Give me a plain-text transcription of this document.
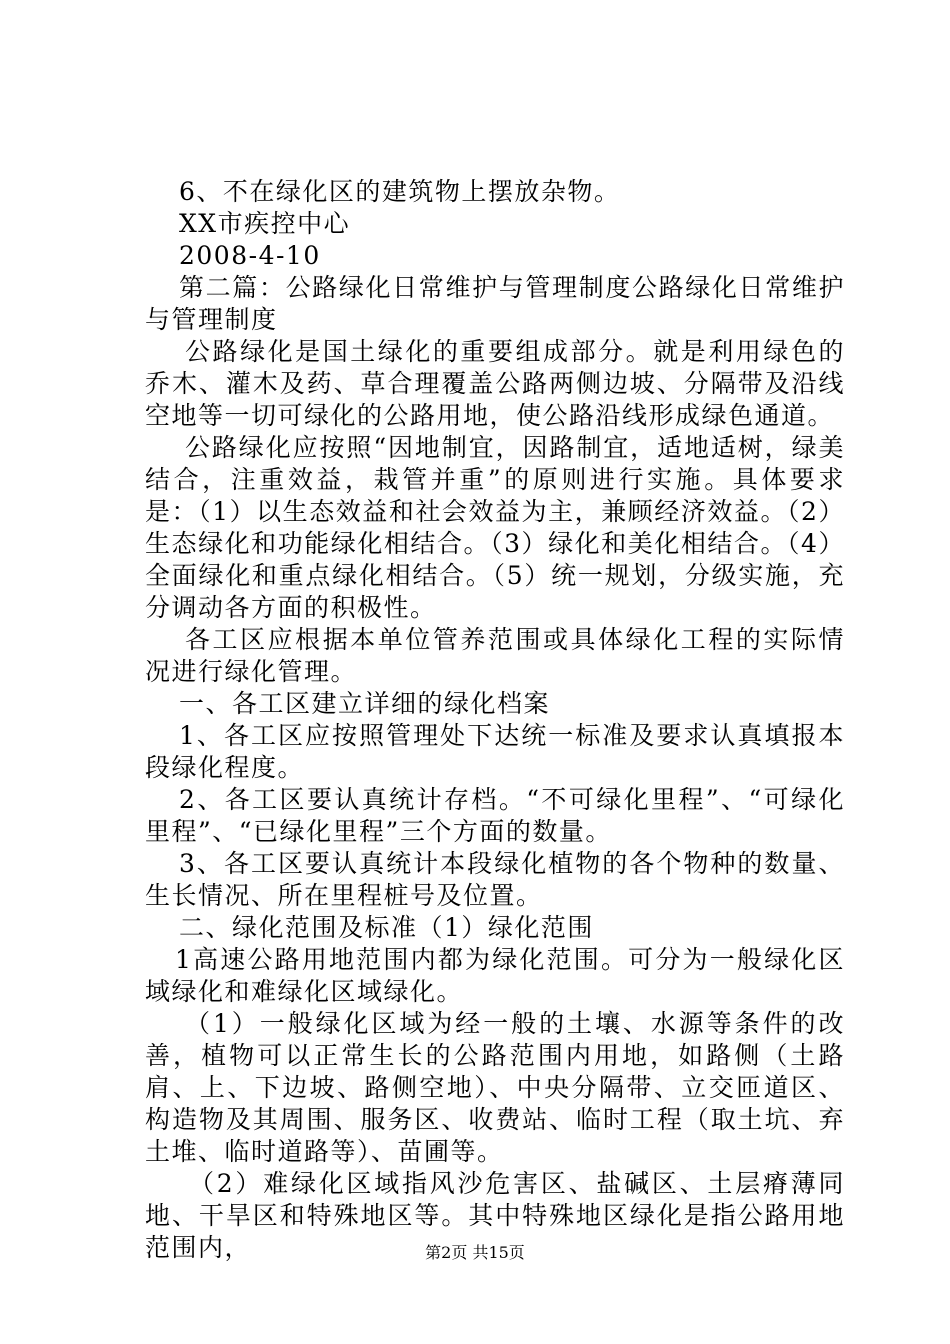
6、不在绿化区的建筑物上摆放杂物。

XX市疾控中心

2008-4-10

第二篇：公路绿化日常维护与管理制度公路绿化日常维护与管理制度

公路绿化是国土绿化的重要组成部分。就是利用绿色的乔木、灌木及药、草合理覆盖公路两侧边坡、分隔带及沿线空地等一切可绿化的公路用地，使公路沿线形成绿色通道。

公路绿化应按照“因地制宜，因路制宜，适地适树，绿美结合，注重效益，栽管并重”的原则进行实施。具体要求是：（1）以生态效益和社会效益为主，兼顾经济效益。（2）生态绿化和功能绿化相结合。（3）绿化和美化相结合。（4）全面绿化和重点绿化相结合。（5）统一规划，分级实施，充分调动各方面的积极性。

各工区应根据本单位管养范围或具体绿化工程的实际情况进行绿化管理。

一、各工区建立详细的绿化档案

1、各工区应按照管理处下达统一标准及要求认真填报本段绿化程度。

2、各工区要认真统计存档。“不可绿化里程”、“可绿化里程”、“已绿化里程”三个方面的数量。

3、各工区要认真统计本段绿化植物的各个物种的数量、生长情况、所在里程桩号及位置。

二、绿化范围及标准（1）绿化范围

1高速公路用地范围内都为绿化范围。可分为一般绿化区域绿化和难绿化区域绿化。

（1）一般绿化区域为经一般的土壤、水源等条件的改善，植物可以正常生长的公路范围内用地，如路侧（土路肩、上、下边坡、路侧空地）、中央分隔带、立交匝道区、构造物及其周围、服务区、收费站、临时工程（取土坑、弃土堆、临时道路等）、苗圃等。

（2）难绿化区域指风沙危害区、盐碱区、土层瘠薄同地、干旱区和特殊地区等。其中特殊地区绿化是指公路用地范围内，	第2页 共15页
